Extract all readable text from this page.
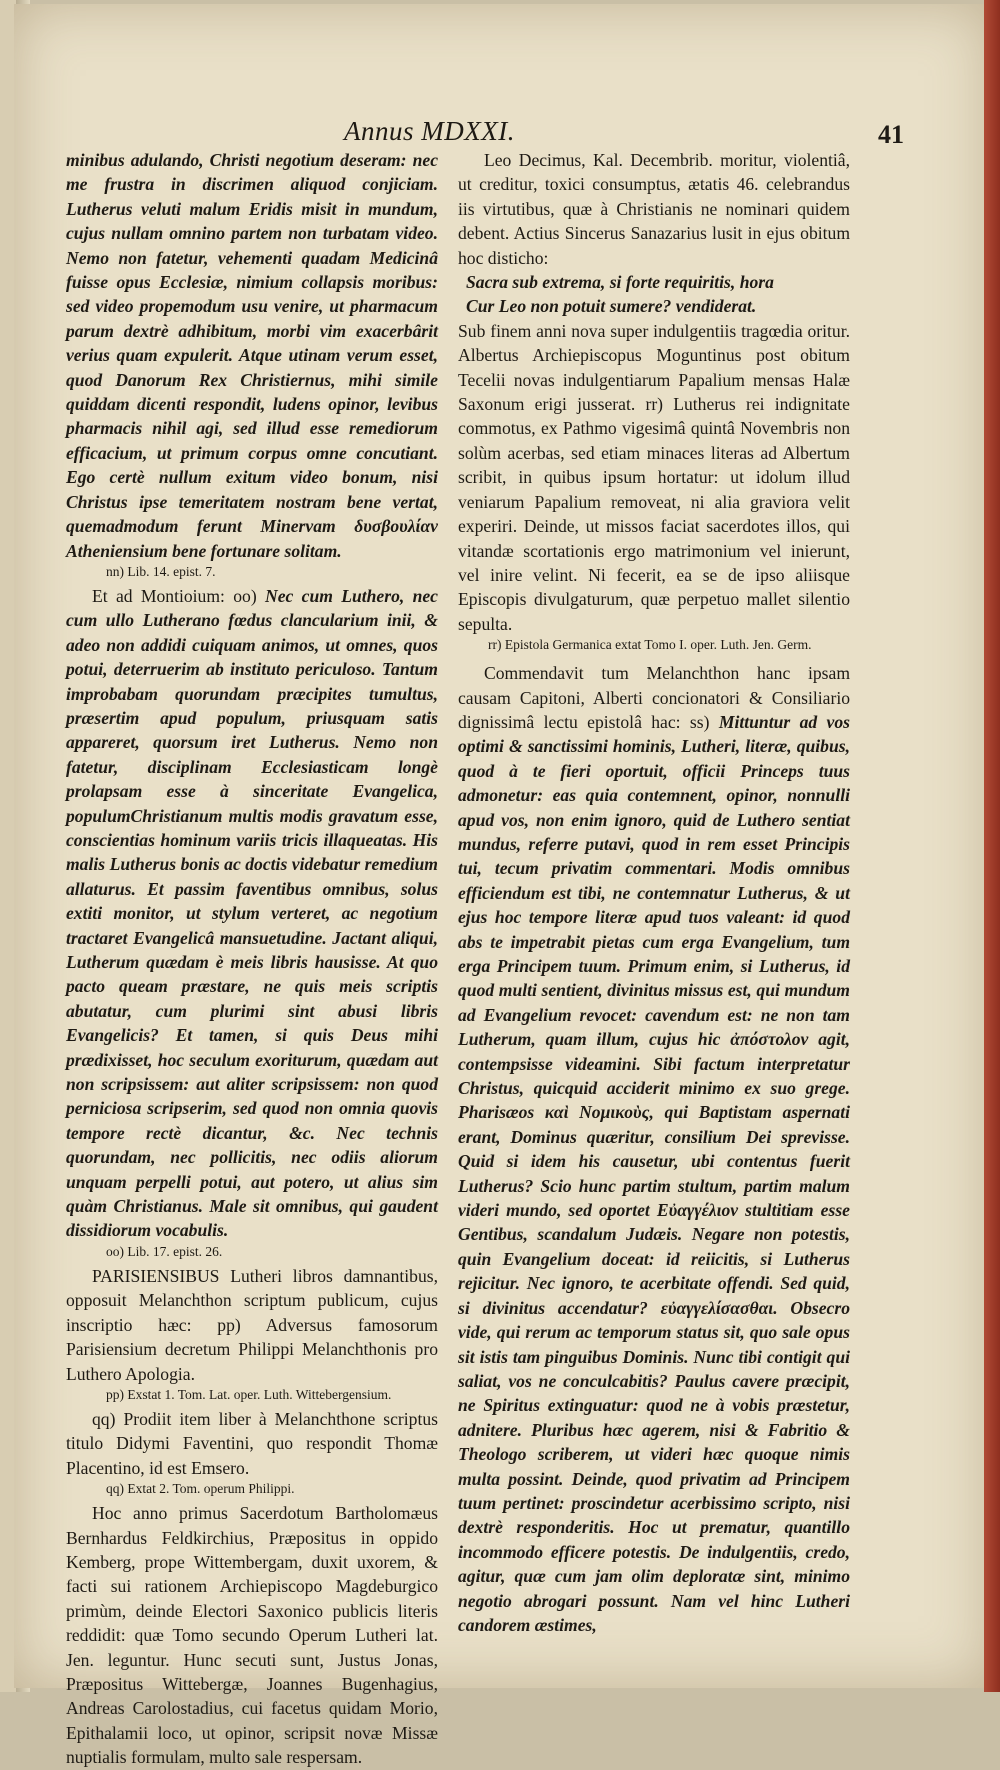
Annus MDXXI.	41

minibus adulando, Christi negotium deseram: nec me frustra in discrimen aliquod conjiciam. Lutherus veluti malum Eridis misit in mundum, cujus nullam omnino partem non turbatam video. Nemo non fatetur, vehementi quadam Medicinâ fuisse opus Ecclesiæ, nimium collapsis moribus: sed video propemodum usu venire, ut pharmacum parum dextrè adhibitum, morbi vim exacerbârit verius quam expulerit. Atque utinam verum esset, quod Danorum Rex Christiernus, mihi simile quiddam dicenti respondit, ludens opinor, levibus pharmacis nihil agi, sed illud esse remediorum efficacium, ut primum corpus omne concutiant. Ego certè nullum exitum video bonum, nisi Christus ipse temeritatem nostram bene vertat, quemadmodum ferunt Minervam δυσβουλίαν Atheniensium bene fortunare solitam.

nn) Lib. 14. epist. 7.

Et ad Montioium: oo) Nec cum Luthero, nec cum ullo Lutherano fœdus clancularium inii, & adeo non addidi cuiquam animos, ut omnes, quos potui, deterruerim ab instituto periculoso. Tantum improbabam quorundam præcipites tumultus, præsertim apud populum, priusquam satis appareret, quorsum iret Lutherus. Nemo non fatetur, disciplinam Ecclesiasticam longè prolapsam esse à sinceritate Evangelica, populumChristianum multis modis gravatum esse, conscientias hominum variis tricis illaqueatas. His malis Lutherus bonis ac doctis videbatur remedium allaturus. Et passim faventibus omnibus, solus extiti monitor, ut stylum verteret, ac negotium tractaret Evangelicâ mansuetudine. Jactant aliqui, Lutherum quædam è meis libris hausisse. At quo pacto queam præstare, ne quis meis scriptis abutatur, cum plurimi sint abusi libris Evangelicis? Et tamen, si quis Deus mihi prædixisset, hoc seculum exoriturum, quædam aut non scripsissem: aut aliter scripsissem: non quod perniciosa scripserim, sed quod non omnia quovis tempore rectè dicantur, &c. Nec technis quorundam, nec pollicitis, nec odiis aliorum unquam perpelli potui, aut potero, ut alius sim quàm Christianus. Male sit omnibus, qui gaudent dissidiorum vocabulis.

oo) Lib. 17. epist. 26.

PARISIENSIBUS Lutheri libros damnantibus, opposuit Melanchthon scriptum publicum, cujus inscriptio hæc: pp) Adversus famosorum Parisiensium decretum Philippi Melanchthonis pro Luthero Apologia.

pp) Exstat 1. Tom. Lat. oper. Luth. Wittebergensium.

qq) Prodiit item liber à Melanchthone scriptus titulo Didymi Faventini, quo respondit Thomæ Placentino, id est Emsero.

qq) Extat 2. Tom. operum Philippi.

Hoc anno primus Sacerdotum Bartholomæus Bernhardus Feldkirchius, Præpositus in oppido Kemberg, prope Wittembergam, duxit uxorem, & facti sui rationem Archiepiscopo Magdeburgico primùm, deinde Electori Saxonico publicis literis reddidit: quæ Tomo secundo Operum Lutheri lat. Jen. leguntur. Hunc secuti sunt, Justus Jonas, Præpositus Wittebergæ, Joannes Bugenhagius, Andreas Carolostadius, cui facetus quidam Morio, Epithalamii loco, ut opinor, scripsit novæ Missæ nuptialis formulam, multo sale respersam.

Leo Decimus, Kal. Decembrib. moritur, violentiâ, ut creditur, toxici consumptus, ætatis 46. celebrandus iis virtutibus, quæ à Christianis ne nominari quidem debent. Actius Sincerus Sanazarius lusit in ejus obitum hoc disticho:

Sacra sub extrema, si forte requiritis, hora

Cur Leo non potuit sumere? vendiderat.

Sub finem anni nova super indulgentiis tragœdia oritur. Albertus Archiepiscopus Moguntinus post obitum Tecelii novas indulgentiarum Papalium mensas Halæ Saxonum erigi jusserat. rr) Lutherus rei indignitate commotus, ex Pathmo vigesimâ quintâ Novembris non solùm acerbas, sed etiam minaces literas ad Albertum scribit, in quibus ipsum hortatur: ut idolum illud veniarum Papalium removeat, ni alia graviora velit experiri. Deinde, ut missos faciat sacerdotes illos, qui vitandæ scortationis ergo matrimonium vel inierunt, vel inire velint. Ni fecerit, ea se de ipso aliisque Episcopis divulgaturum, quæ perpetuo mallet silentio sepulta.

rr) Epistola Germanica extat Tomo I. oper. Luth. Jen. Germ.

Commendavit tum Melanchthon hanc ipsam causam Capitoni, Alberti concionatori & Consiliario dignissimâ lectu epistolâ hac: ss) Mittuntur ad vos optimi & sanctissimi hominis, Lutheri, literæ, quibus, quod à te fieri oportuit, officii Princeps tuus admonetur: eas quia contemnent, opinor, nonnulli apud vos, non enim ignoro, quid de Luthero sentiat mundus, referre putavi, quod in rem esset Principis tui, tecum privatim commentari. Modis omnibus efficiendum est tibi, ne contemnatur Lutherus, & ut ejus hoc tempore literæ apud tuos valeant: id quod abs te impetrabit pietas cum erga Evangelium, tum erga Principem tuum. Primum enim, si Lutherus, id quod multi sentient, divinitus missus est, qui mundum ad Evangelium revocet: cavendum est: ne non tam Lutherum, quam illum, cujus hic ἀπόστολον agit, contempsisse videamini. Sibi factum interpretatur Christus, quicquid acciderit minimo ex suo grege. Pharisæos καὶ Νομικοὺς, qui Baptistam aspernati erant, Dominus quæritur, consilium Dei sprevisse. Quid si idem his causetur, ubi contentus fuerit Lutherus? Scio hunc partim stultum, partim malum videri mundo, sed oportet Εὐαγγέλιον stultitiam esse Gentibus, scandalum Judæis. Negare non potestis, quin Evangelium doceat: id reiicitis, si Lutherus rejicitur. Nec ignoro, te acerbitate offendi. Sed quid, si divinitus accendatur? εὐαγγελίσασθαι. Obsecro vide, qui rerum ac temporum status sit, quo sale opus sit istis tam pinguibus Dominis. Nunc tibi contigit qui saliat, vos ne conculcabitis? Paulus cavere præcipit, ne Spiritus extinguatur: quod ne à vobis præstetur, adnitere. Pluribus hæc agerem, nisi & Fabritio & Theologo scriberem, ut videri hæc quoque nimis multa possint. Deinde, quod privatim ad Principem tuum pertinet: proscindetur acerbissimo scripto, nisi dextrè responderitis. Hoc ut prematur, quantillo incommodo efficere potestis. De indulgentiis, credo, agitur, quæ cum jam olim deploratæ sint, minimo negotio abrogari possunt. Nam vel hinc Lutheri candorem æstimes,
